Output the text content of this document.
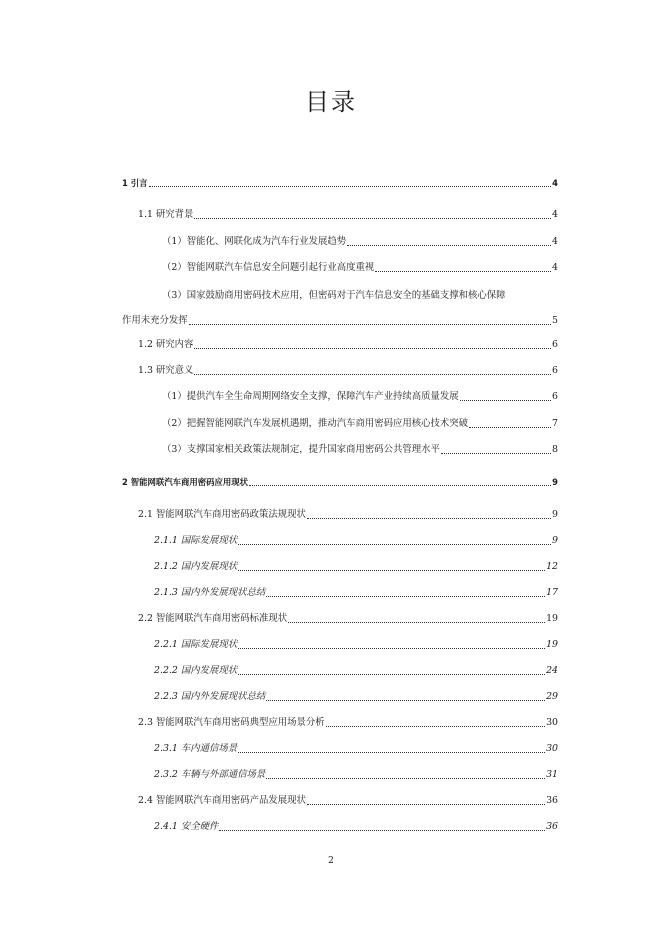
目录
1 引言	4
1.1 研究背景	4
（1）智能化、网联化成为汽车行业发展趋势	4
（2）智能网联汽车信息安全问题引起行业高度重视	4
（3）国家鼓励商用密码技术应用，但密码对于汽车信息安全的基础支撑和核心保障
作用未充分发挥	5
1.2 研究内容	6
1.3 研究意义	6
（1）提供汽车全生命周期网络安全支撑，保障汽车产业持续高质量发展	6
（2）把握智能网联汽车发展机遇期，推动汽车商用密码应用核心技术突破	7
（3）支撑国家相关政策法规制定，提升国家商用密码公共管理水平	8
2 智能网联汽车商用密码应用现状	9
2.1 智能网联汽车商用密码政策法规现状	9
2.1.1 国际发展现状	9
2.1.2 国内发展现状	12
2.1.3 国内外发展现状总结	17
2.2 智能网联汽车商用密码标准现状	19
2.2.1 国际发展现状	19
2.2.2 国内发展现状	24
2.2.3 国内外发展现状总结	29
2.3 智能网联汽车商用密码典型应用场景分析	30
2.3.1 车内通信场景	30
2.3.2 车辆与外部通信场景	31
2.4 智能网联汽车商用密码产品发展现状	36
2.4.1 安全硬件	36
2
